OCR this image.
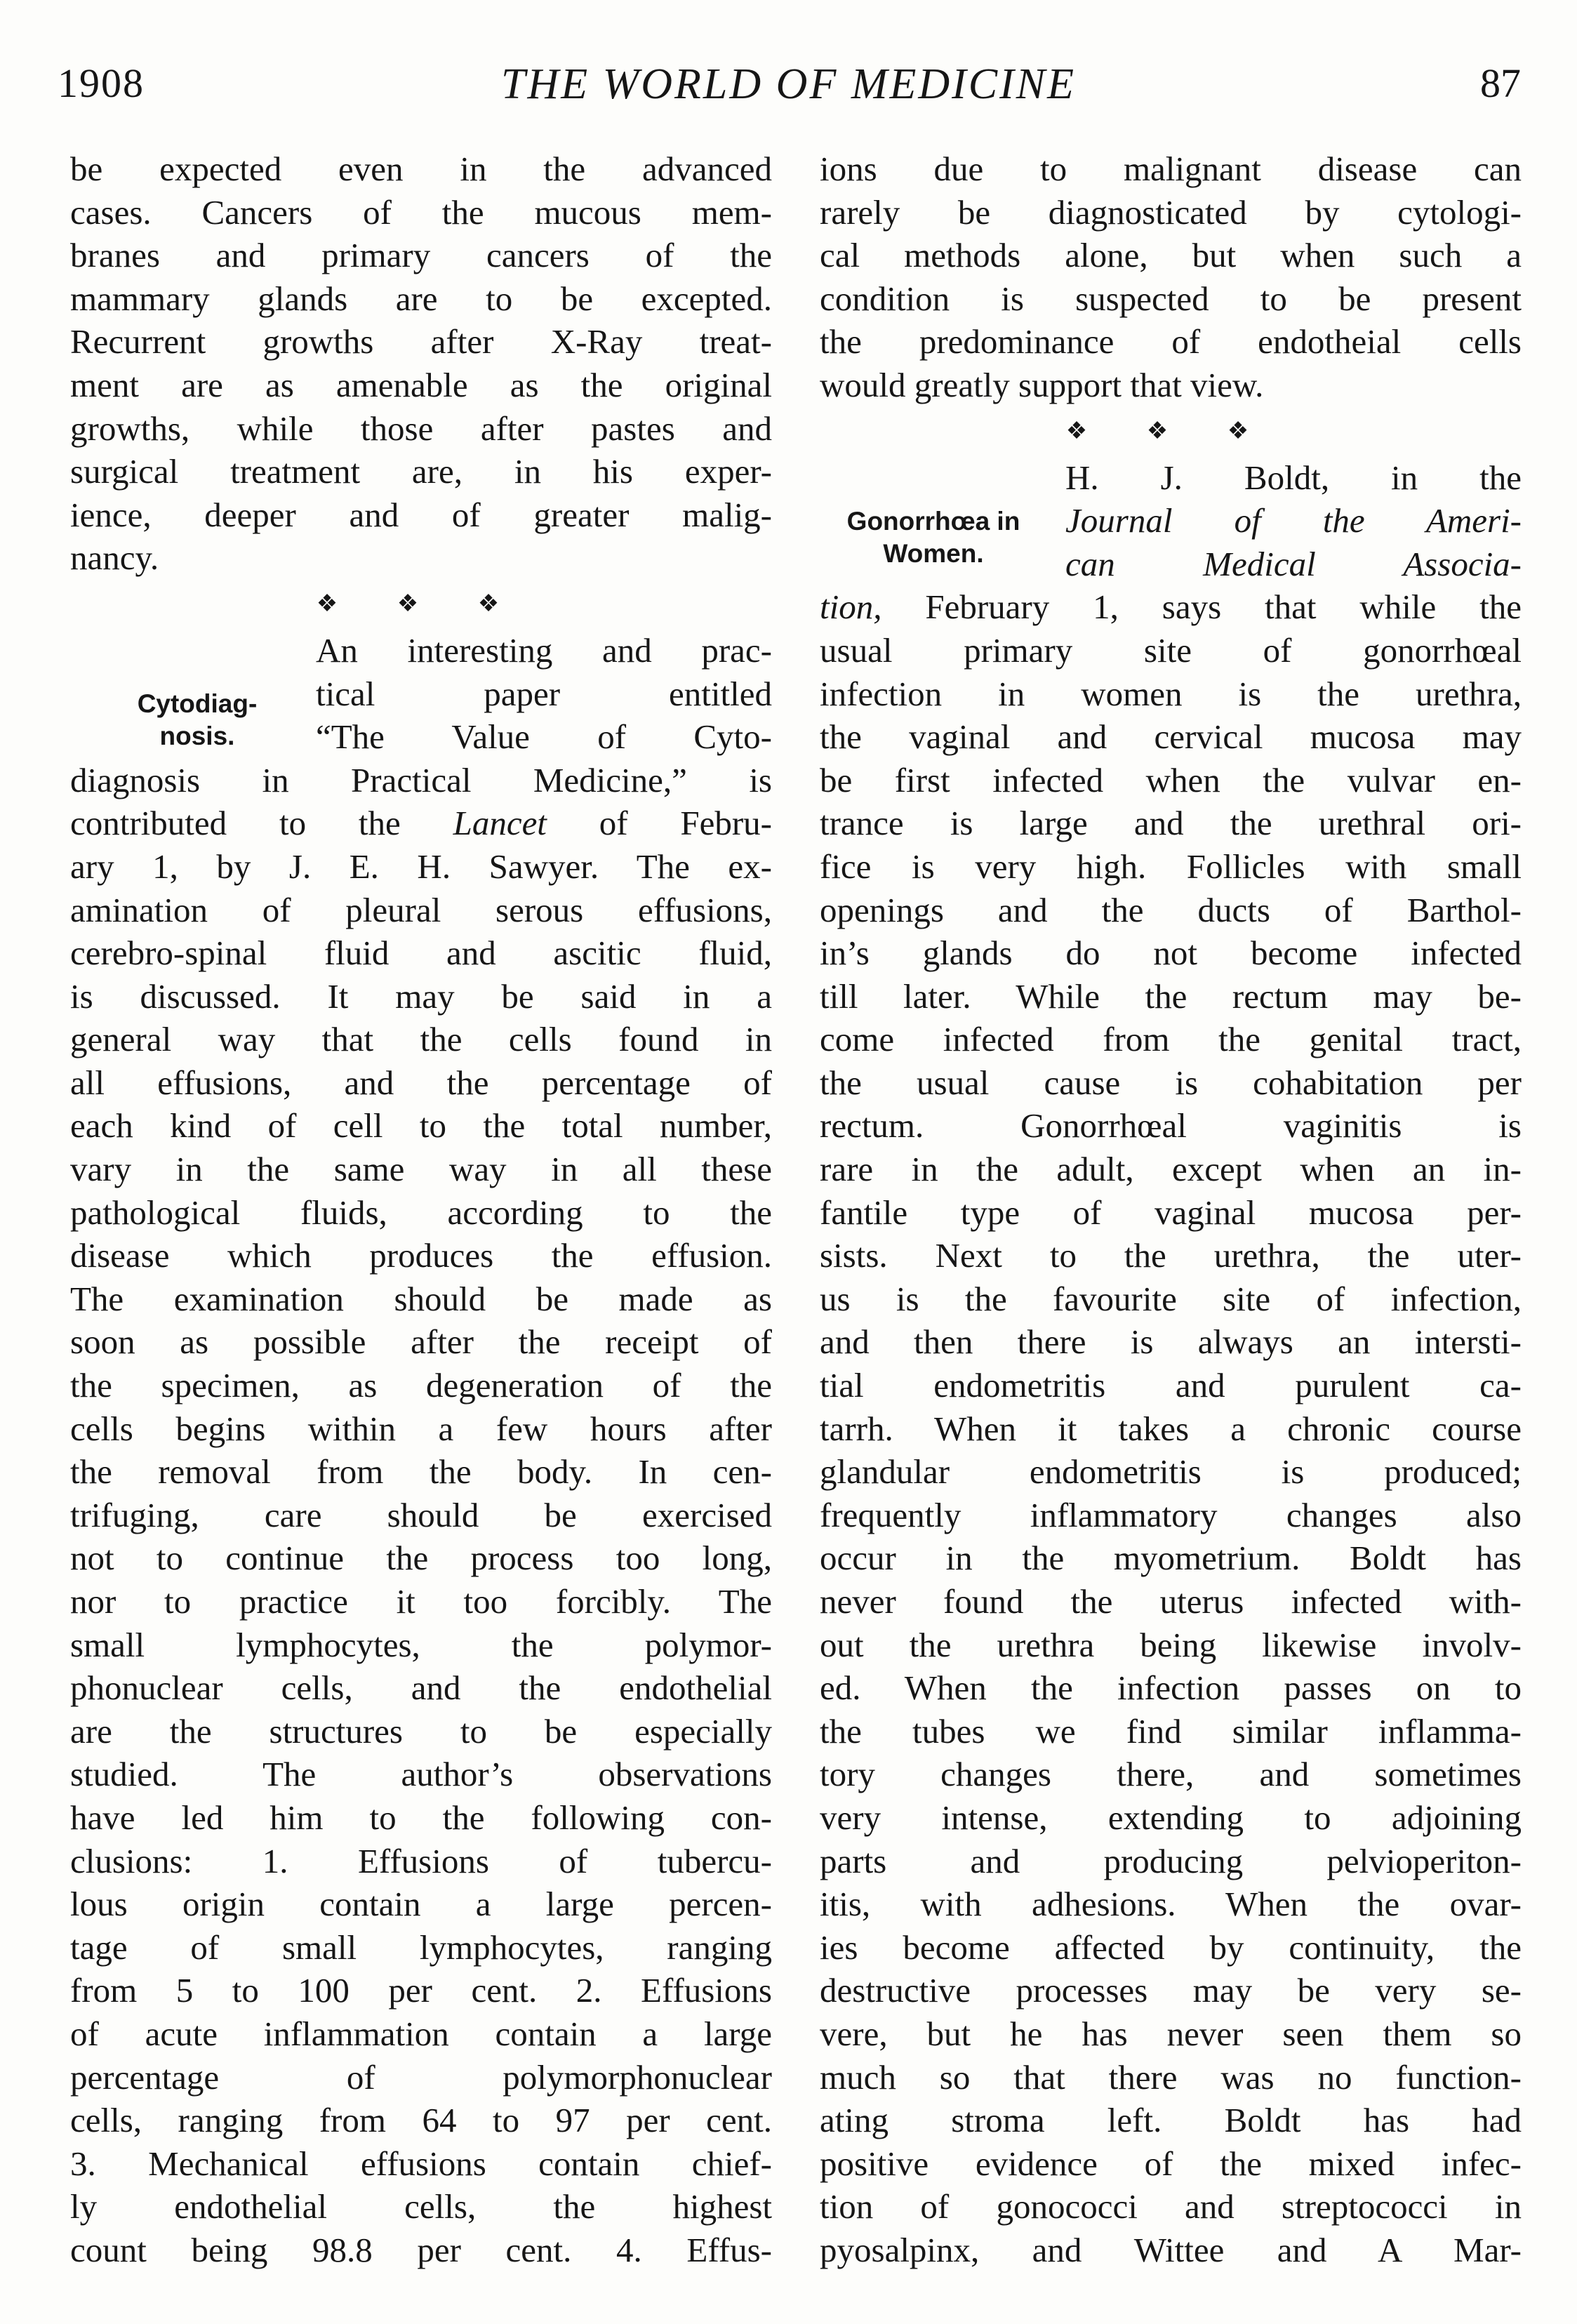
1908	THE WORLD OF MEDICINE	87
be expected even in the advanced
cases. Cancers of the mucous mem-
branes and primary cancers of the
mammary glands are to be excepted.
Recurrent growths after X-Ray treat-
ment are as amenable as the original
growths, while those after pastes and
surgical treatment are, in his exper-
ience, deeper and of greater malig-
nancy.
❖ ❖ ❖
An interesting and prac-
tical paper entitled
“The Value of Cyto-
diagnosis in Practical Medicine,” is
contributed to the Lancet of Febru-
ary 1, by J. E. H. Sawyer. The ex-
amination of pleural serous effusions,
cerebro-spinal fluid and ascitic fluid,
is discussed. It may be said in a
general way that the cells found in
all effusions, and the percentage of
each kind of cell to the total number,
vary in the same way in all these
pathological fluids, according to the
disease which produces the effusion.
The examination should be made as
soon as possible after the receipt of
the specimen, as degeneration of the
cells begins within a few hours after
the removal from the body. In cen-
trifuging, care should be exercised
not to continue the process too long,
nor to practice it too forcibly. The
small lymphocytes, the polymor-
phonuclear cells, and the endothelial
are the structures to be especially
studied. The author’s observations
have led him to the following con-
clusions: 1. Effusions of tubercu-
lous origin contain a large percen-
tage of small lymphocytes, ranging
from 5 to 100 per cent. 2. Effusions
of acute inflammation contain a large
percentage of polymorphonuclear
cells, ranging from 64 to 97 per cent.
3. Mechanical effusions contain chief-
ly endothelial cells, the highest
count being 98.8 per cent. 4. Effus-
Cytodiag-
nosis.
ions due to malignant disease can
rarely be diagnosticated by cytologi-
cal methods alone, but when such a
condition is suspected to be present
the predominance of endotheial cells
would greatly support that view.
❖ ❖ ❖
H. J. Boldt, in the
Journal of the Ameri-
can Medical Associa-
tion, February 1, says that while the
usual primary site of gonorrhœal
infection in women is the urethra,
the vaginal and cervical mucosa may
be first infected when the vulvar en-
trance is large and the urethral ori-
fice is very high. Follicles with small
openings and the ducts of Barthol-
in’s glands do not become infected
till later. While the rectum may be-
come infected from the genital tract,
the usual cause is cohabitation per
rectum. Gonorrhœal vaginitis is
rare in the adult, except when an in-
fantile type of vaginal mucosa per-
sists. Next to the urethra, the uter-
us is the favourite site of infection,
and then there is always an intersti-
tial endometritis and purulent ca-
tarrh. When it takes a chronic course
glandular endometritis is produced;
frequently inflammatory changes also
occur in the myometrium. Boldt has
never found the uterus infected with-
out the urethra being likewise involv-
ed. When the infection passes on to
the tubes we find similar inflamma-
tory changes there, and sometimes
very intense, extending to adjoining
parts and producing pelvioperiton-
itis, with adhesions. When the ovar-
ies become affected by continuity, the
destructive processes may be very se-
vere, but he has never seen them so
much so that there was no function-
ating stroma left. Boldt has had
positive evidence of the mixed infec-
tion of gonococci and streptococci in
pyosalpinx, and Wittee and A Mar-
Gonorrhœa in
Women.
